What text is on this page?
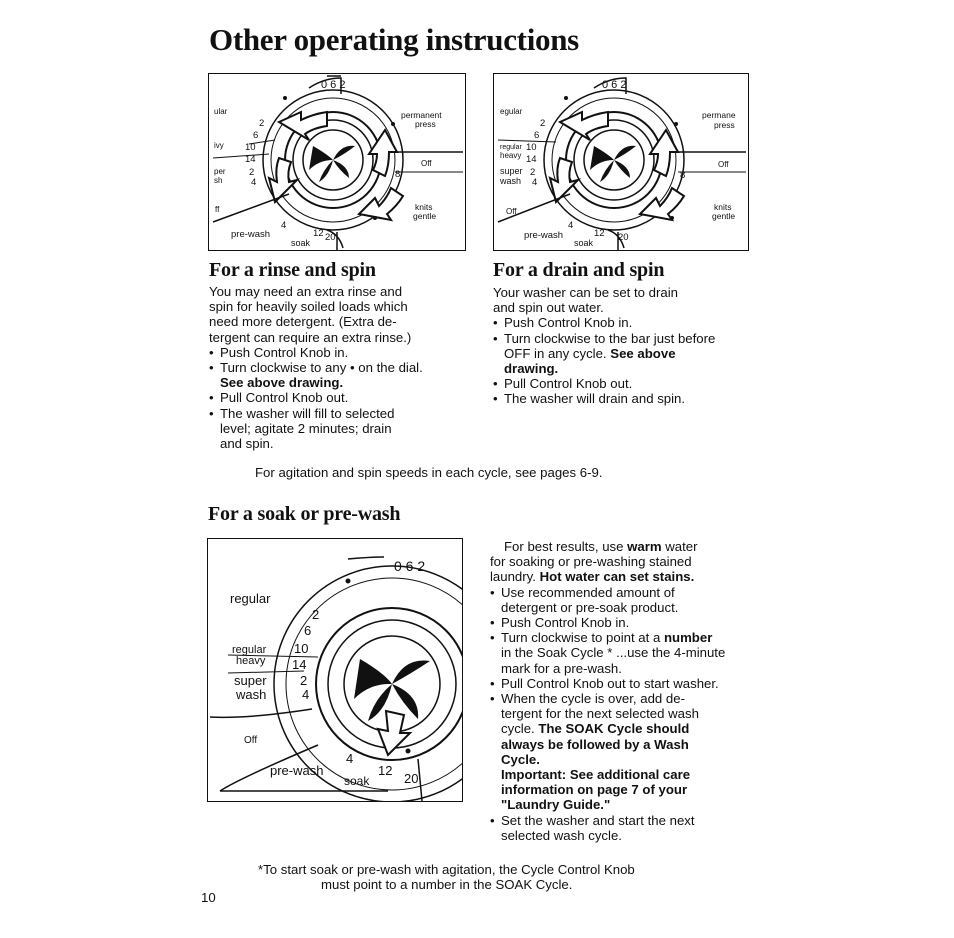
Other operating instructions
ular
0 6 2
permanent
press
Off
knits
gentle
pre-wash
soak
2
6
10
14
2
4
8
12 20
4
ivy
per
sh
ff
egular
0 6 2
regular
heavy
super
wash
Off
permane
press
Off
knits
gentle
pre-wash
soak
2
6
10
14
2
4
8
12 20
4
For a rinse and spin

You may need an extra rinse and

spin for heavily soiled loads which

need more detergent. (Extra de-

tergent can require an extra rinse.)

• Push Control Knob in.
• Turn clockwise to any • on the dial.
See above drawing.
• Pull Control Knob out.
• The washer will fill to selected
level; agitate 2 minutes; drain
and spin.
For a drain and spin

Your washer can be set to drain

and spin out water.

• Push Control Knob in.
• Turn clockwise to the bar just before
OFF in any cycle. See above
drawing.
• Pull Control Knob out.
• The washer will drain and spin.
For agitation and spin speeds in each cycle, see pages 6-9.
For a soak or pre-wash
0 6 2
regular
regular
heavy
super
wash
Off
pre-wash
soak
2
6
10
14
2
4
4
12
20

For best results, use warm water

for soaking or pre-washing stained

laundry. Hot water can set stains.

• Use recommended amount of
detergent or pre-soak product.
• Push Control Knob in.
• Turn clockwise to point at a number
in the Soak Cycle * ...use the 4-minute
mark for a pre-wash.
• Pull Control Knob out to start washer.
• When the cycle is over, add de-
tergent for the next selected wash
cycle. The SOAK Cycle should
always be followed by a Wash
Cycle.

Important: See additional care

information on page 7 of your

"Laundry Guide."

• Set the washer and start the next
selected wash cycle.
*To start soak or pre-wash with agitation, the Cycle Control Knob
must point to a number in the SOAK Cycle.
10
